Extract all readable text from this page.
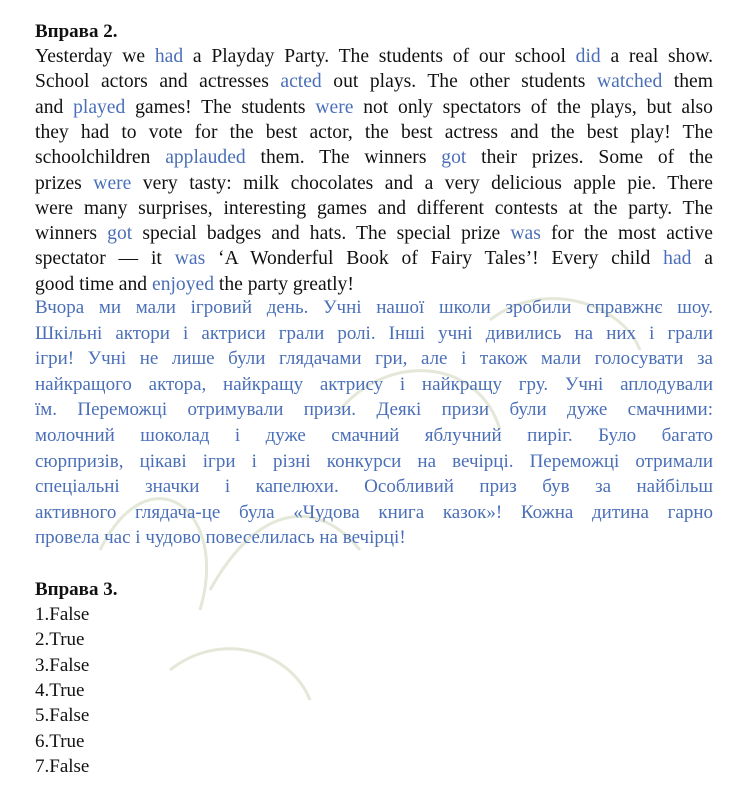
Вправа 2.
Yesterday we had a Playday Party. The students of our school did a real show.
School actors and actresses acted out plays. The other students watched them
and played games! The students were not only spectators of the plays, but also
they had to vote for the best actor, the best actress and the best play! The
schoolchildren applauded them. The winners got their prizes. Some of the
prizes were very tasty: milk chocolates and a very delicious apple pie. There
were many surprises, interesting games and different contests at the party. The
winners got special badges and hats. The special prize was for the most active
spectator — it was ‘A Wonderful Book of Fairy Tales’! Every child had a
good time and enjoyed the party greatly!
Вчора ми мали ігровий день. Учні нашої школи зробили справжнє шоу.
Шкільні актори і актриси грали ролі. Інші учні дивились на них і грали
ігри! Учні не лише були глядачами гри, але і також мали голосувати за
найкращого актора, найкращу актрису і найкращу гру. Учні аплодували
їм. Переможці отримували призи. Деякі призи були дуже смачними:
молочний шоколад і дуже смачний яблучний пиріг. Було багато
сюрпризів, цікаві ігри і різні конкурси на вечірці. Переможці отримали
спеціальні значки і капелюхи. Особливий приз був за найбільш
активного глядача-це була «Чудова книга казок»! Кожна дитина гарно
провела час і чудово повеселилась на вечірці!
Вправа 3.
1.False
2.True
3.False
4.True
5.False
6.True
7.False
